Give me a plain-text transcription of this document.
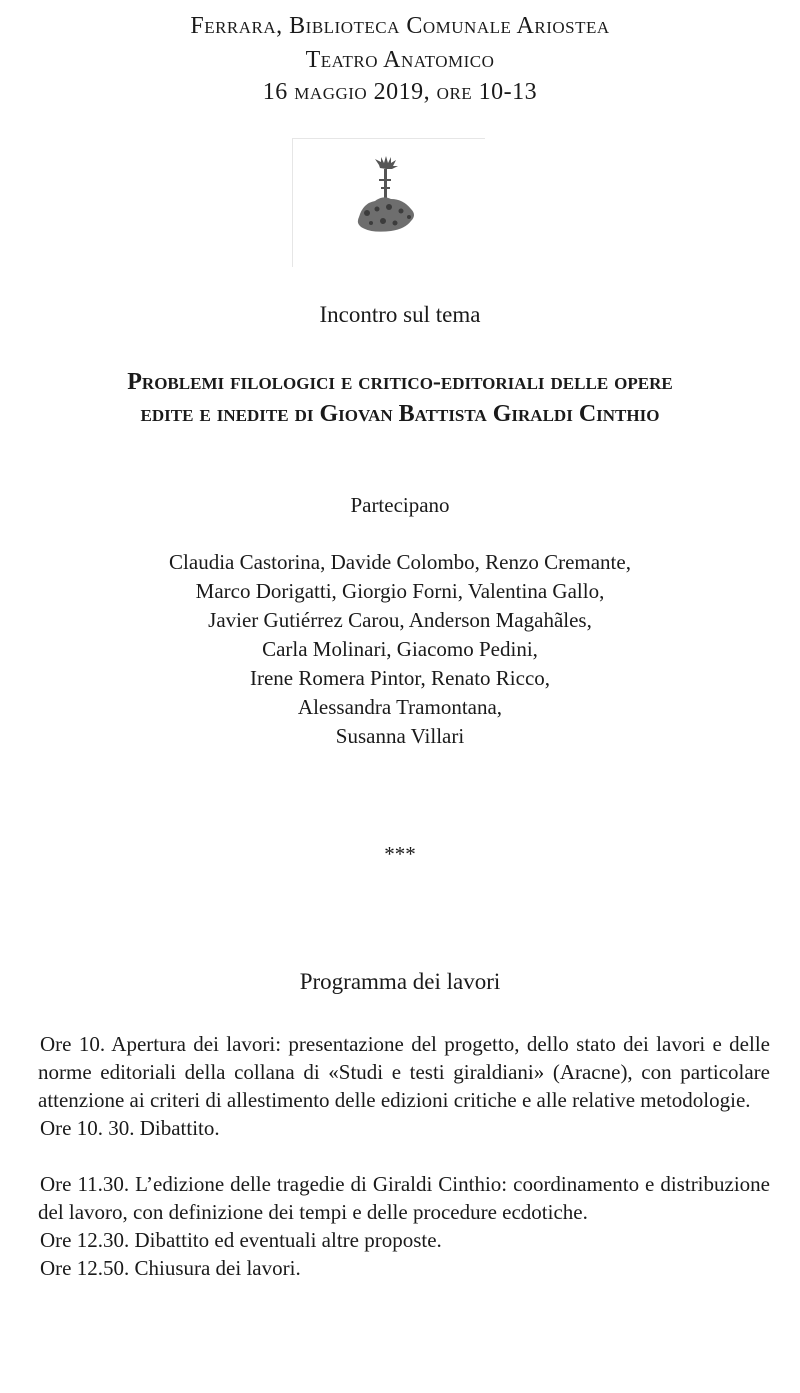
Ferrara, Biblioteca Comunale Ariostea
Teatro Anatomico
16 maggio 2019, ore 10-13
Incontro sul tema
Problemi filologici e critico-editoriali delle opere
edite e inedite di Giovan Battista Giraldi Cinthio
Partecipano
Claudia Castorina, Davide Colombo, Renzo Cremante,
Marco Dorigatti, Giorgio Forni, Valentina Gallo,
Javier Gutiérrez Carou, Anderson Magahãles,
Carla Molinari, Giacomo Pedini,
Irene Romera Pintor, Renato Ricco,
Alessandra Tramontana,
Susanna Villari
***
Programma dei lavori

Ore 10. Apertura dei lavori: presentazione del progetto, dello stato dei lavori e delle norme editoriali della collana di «Studi e testi giraldiani» (Aracne), con particolare attenzione ai criteri di allestimento delle edizioni critiche e alle relative metodologie.

Ore 10. 30. Dibattito.

Ore 11.30. L’edizione delle tragedie di Giraldi Cinthio: coordinamento e distribuzione del lavoro, con definizione dei tempi e delle procedure ecdotiche.

Ore 12.30. Dibattito ed eventuali altre proposte.

Ore 12.50. Chiusura dei lavori.
